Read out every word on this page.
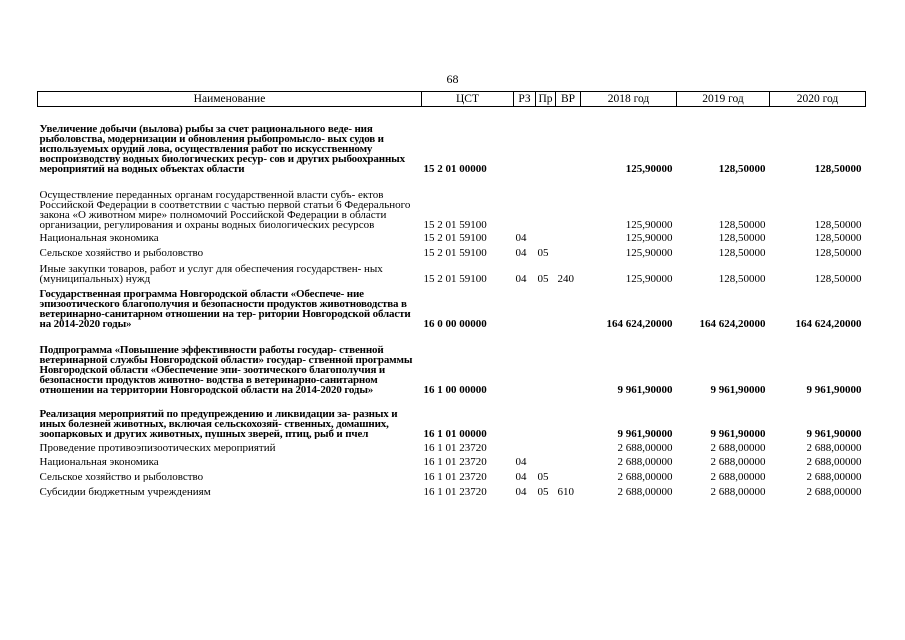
68
Наименование	ЦСТ	РЗ	Пр	ВР	2018 год	2019 год	2020 год
Увеличение добычи (вылова) рыбы за счет рационального веде- ния рыболовства, модернизации и обновления рыбопромысло- вых судов и используемых орудий лова, осуществления работ по искусственному воспроизводству водных биологических ресур- сов и других рыбоохранных мероприятий на водных объектах области	15 2 01 00000				125,90000	128,50000	128,50000
Осуществление переданных органам государственной власти субъ- ектов Российской Федерации в соответствии с частью первой статьи 6 Федерального закона «О животном мире» полномочий Российской Федерации в области организации, регулирования и охраны водных биологических ресурсов	15 2 01 59100				125,90000	128,50000	128,50000
Национальная экономика	15 2 01 59100	04			125,90000	128,50000	128,50000
Сельское хозяйство и рыболовство	15 2 01 59100	04	05		125,90000	128,50000	128,50000
Иные закупки товаров, работ и услуг для обеспечения государствен- ных (муниципальных) нужд	15 2 01 59100	04	05	240	125,90000	128,50000	128,50000
Государственная программа Новгородской области «Обеспече- ние эпизоотического благополучия и безопасности продуктов животноводства в ветеринарно-санитарном отношении на тер- ритории Новгородской области на 2014-2020 годы»	16 0 00 00000				164 624,20000	164 624,20000	164 624,20000
Подпрограмма «Повышение эффективности работы государ- ственной ветеринарной службы Новгородской области» государ- ственной программы Новгородской области «Обеспечение эпи- зоотического благополучия и безопасности продуктов животно- водства в ветеринарно-санитарном отношении на территории Новгородской области на 2014-2020 годы»	16 1 00 00000				9 961,90000	9 961,90000	9 961,90000
Реализация мероприятий по предупреждению и ликвидации за- разных и иных болезней животных, включая сельскохозяй- ственных, домашних, зоопарковых и других животных, пушных зверей, птиц, рыб и пчел	16 1 01 00000				9 961,90000	9 961,90000	9 961,90000
Проведение противоэпизоотических мероприятий	16 1 01 23720				2 688,00000	2 688,00000	2 688,00000
Национальная экономика	16 1 01 23720	04			2 688,00000	2 688,00000	2 688,00000
Сельское хозяйство и рыболовство	16 1 01 23720	04	05		2 688,00000	2 688,00000	2 688,00000
Субсидии бюджетным учреждениям	16 1 01 23720	04	05	610	2 688,00000	2 688,00000	2 688,00000
